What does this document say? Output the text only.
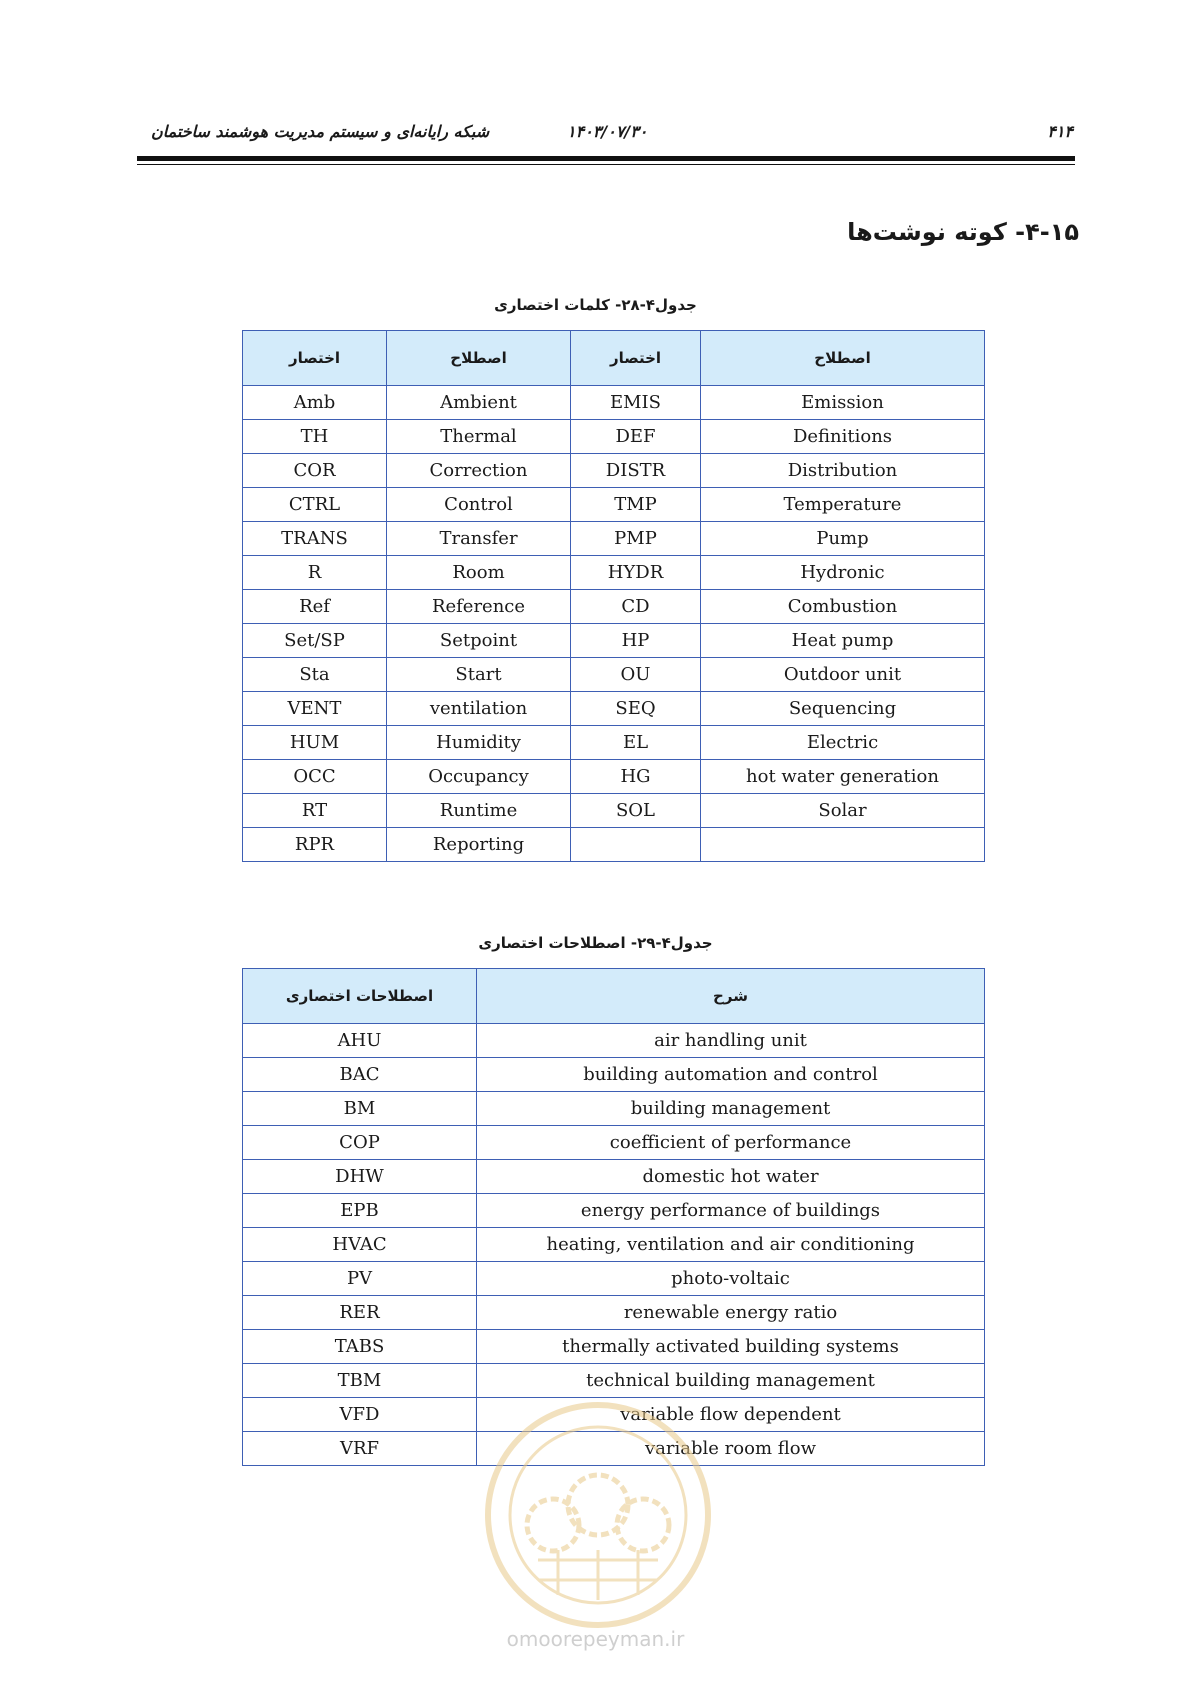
شبکه رایانه‌ای و سیستم مدیریت هوشمند ساختمان	۱۴۰۳/۰۷/۳۰	۴۱۴
۴-۱۵- کوته نوشت‌ها
جدول۴-۲۸- کلمات اختصاری
اصطلاح	اختصار	اصطلاح	اختصار
Emission	EMIS	Ambient	Amb
Definitions	DEF	Thermal	TH
Distribution	DISTR	Correction	COR
Temperature	TMP	Control	CTRL
Pump	PMP	Transfer	TRANS
Hydronic	HYDR	Room	R
Combustion	CD	Reference	Ref
Heat pump	HP	Setpoint	Set/SP
Outdoor unit	OU	Start	Sta
Sequencing	SEQ	ventilation	VENT
Electric	EL	Humidity	HUM
hot water generation	HG	Occupancy	OCC
Solar	SOL	Runtime	RT
		Reporting	RPR
جدول۴-۲۹- اصطلاحات اختصاری
شرح	اصطلاحات اختصاری
air handling unit	AHU
building automation and control	BAC
building management	BM
coefficient of performance	COP
domestic hot water	DHW
energy performance of buildings	EPB
heating, ventilation and air conditioning	HVAC
photo-voltaic	PV
renewable energy ratio	RER
thermally activated building systems	TABS
technical building management	TBM
variable flow dependent	VFD
variable room flow	VRF
omoorepeyman.ir
